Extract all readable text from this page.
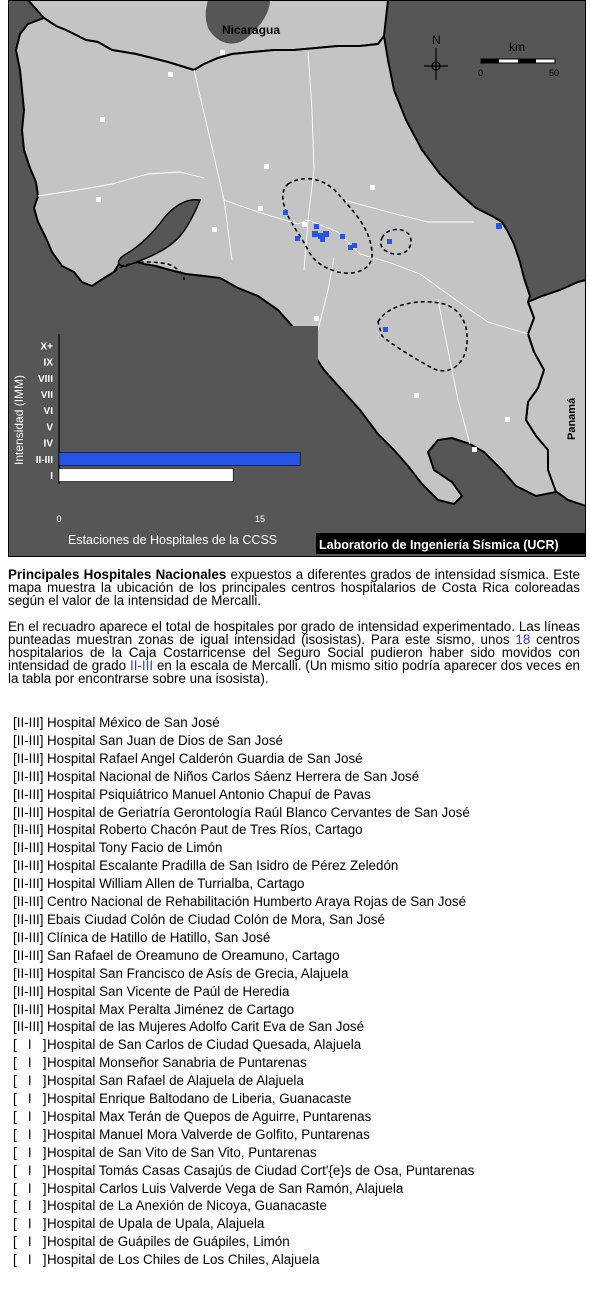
Nicaragua
Panamá
N	km
0	50
I
II-III
IV
V
VI
VII
VIII
IX
X+
0	15
Intensidad (IMM)
Estaciones de Hospitales de la CCSS	Laboratorio de Ingeniería Sísmica (UCR)

Principales Hospitales Nacionales expuestos a diferentes grados de intensidad sísmica. Este mapa muestra la ubicación de los principales centros hospitalarios de Costa Rica coloreadas según el valor de la intensidad de Mercalli.

En el recuadro aparece el total de hospitales por grado de intensidad experimentado. Las líneas punteadas muestran zonas de igual intensidad (isosistas). Para este sismo, unos 18 centros hospitalarios de la Caja Costarricense del Seguro Social pudieron haber sido movidos con intensidad de grado II-III en la escala de Mercalli. (Un mismo sitio podría aparecer dos veces en la tabla por encontrarse sobre una isosista).

[II-III] Hospital México de San José
[II-III] Hospital San Juan de Dios de San José
[II-III] Hospital Rafael Angel Calderón Guardia de San José
[II-III] Hospital Nacional de Niños Carlos Sáenz Herrera de San José
[II-III] Hospital Psiquiátrico Manuel Antonio Chapuí de Pavas
[II-III] Hospital de Geriatría Gerontología Raúl Blanco Cervantes de San José
[II-III] Hospital Roberto Chacón Paut de Tres Ríos, Cartago
[II-III] Hospital Tony Facio de Limón
[II-III] Hospital Escalante Pradilla de San Isidro de Pérez Zeledón
[II-III] Hospital William Allen de Turrialba, Cartago
[II-III] Centro Nacional de Rehabilitación Humberto Araya Rojas de San José
[II-III] Ebais Ciudad Colón de Ciudad Colón de Mora, San José
[II-III] Clínica de Hatillo de Hatillo, San José
[II-III] San Rafael de Oreamuno de Oreamuno, Cartago
[II-III] Hospital San Francisco de Asís de Grecia, Alajuela
[II-III] Hospital San Vicente de Paúl de Heredia
[II-III] Hospital Max Peralta Jiménez de Cartago
[II-III] Hospital de las Mujeres Adolfo Carit Eva de San José
[   I   ]Hospital de San Carlos de Ciudad Quesada, Alajuela
[   I   ]Hospital Monseñor Sanabria de Puntarenas
[   I   ]Hospital San Rafael de Alajuela de Alajuela
[   I   ]Hospital Enrique Baltodano de Liberia, Guanacaste
[   I   ]Hospital Max Terán de Quepos de Aguirre, Puntarenas
[   I   ]Hospital Manuel Mora Valverde de Golfito, Puntarenas
[   I   ]Hospital de San Vito de San Vito, Puntarenas
[   I   ]Hospital Tomás Casas Casajús de Ciudad Cort'{e}s de Osa, Puntarenas
[   I   ]Hospital Carlos Luis Valverde Vega de San Ramón, Alajuela
[   I   ]Hospital de La Anexión de Nicoya, Guanacaste
[   I   ]Hospital de Upala de Upala, Alajuela
[   I   ]Hospital de Guápiles de Guápiles, Limón
[   I   ]Hospital de Los Chiles de Los Chiles, Alajuela
